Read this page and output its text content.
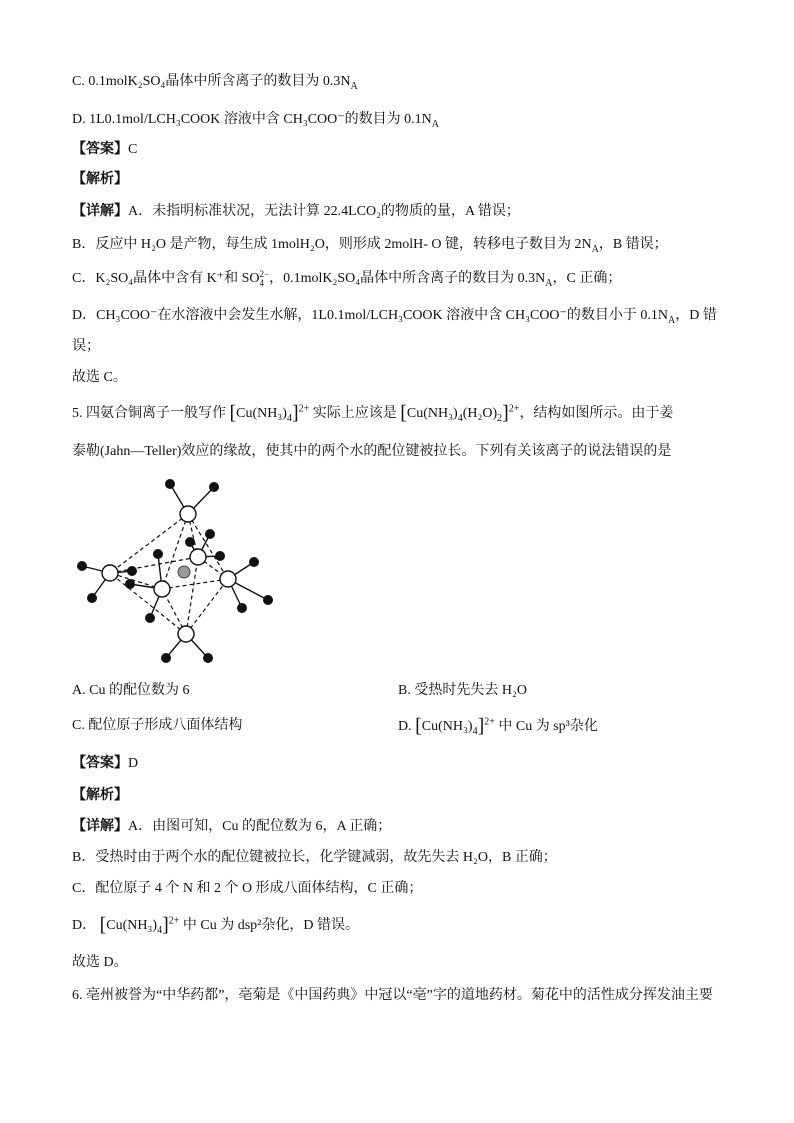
C. 0.1molK₂SO₄晶体中所含离子的数目为 $0.3N_A$
D. 1L0.1mol/LCH₃COOK 溶液中含 CH₃COO⁻的数目为 $0.1N_A$
【答案】C
【解析】
【详解】A．未指明标准状况，无法计算 22.4LCO₂的物质的量，A 错误；
B．反应中 H₂O 是产物，每生成 1molH₂O，则形成 2molH- O 键，转移电子数目为 $2N_A$，B 错误；
C．K₂SO₄晶体中含有 K⁺和 SO 2−
4 ，0.1molK₂SO₄晶体中所含离子的数目为 $0.3N_A$，C 正确；
D．CH₃COO⁻在水溶液中会发生水解，1L0.1mol/LCH₃COOK 溶液中含 CH₃COO⁻的数目小于 $0.1N_A$，D 错
误；
故选 C。
5. 四氨合铜离子一般写作 $[Cu(NH_3)_4]^{2+}$ 实际上应该是 $[Cu(NH_3)_4(H_2O)_2]^{2+}$，结构如图所示。由于姜
泰勒(Jahn—Teller)效应的缘故，使其中的两个水的配位键被拉长。下列有关该离子的说法错误的是
A. Cu 的配位数为 6	B. 受热时先失去 H₂O
C. 配位原子形成八面体结构	D. $[Cu(NH_3)_4]^{2+}$ 中 Cu 为 sp³杂化
【答案】D
【解析】
【详解】A．由图可知，Cu 的配位数为 6，A 正确；
B．受热时由于两个水的配位键被拉长，化学键减弱，故先失去 H₂O，B 正确；
C．配位原子 4 个 N 和 2 个 O 形成八面体结构，C 正确；
D． $[Cu(NH_3)_4]^{2+}$ 中 Cu 为 dsp²杂化，D 错误。
故选 D。
6. 亳州被誉为“中华药都”，亳菊是《中国药典》中冠以“亳”字的道地药材。菊花中的活性成分挥发油主要
